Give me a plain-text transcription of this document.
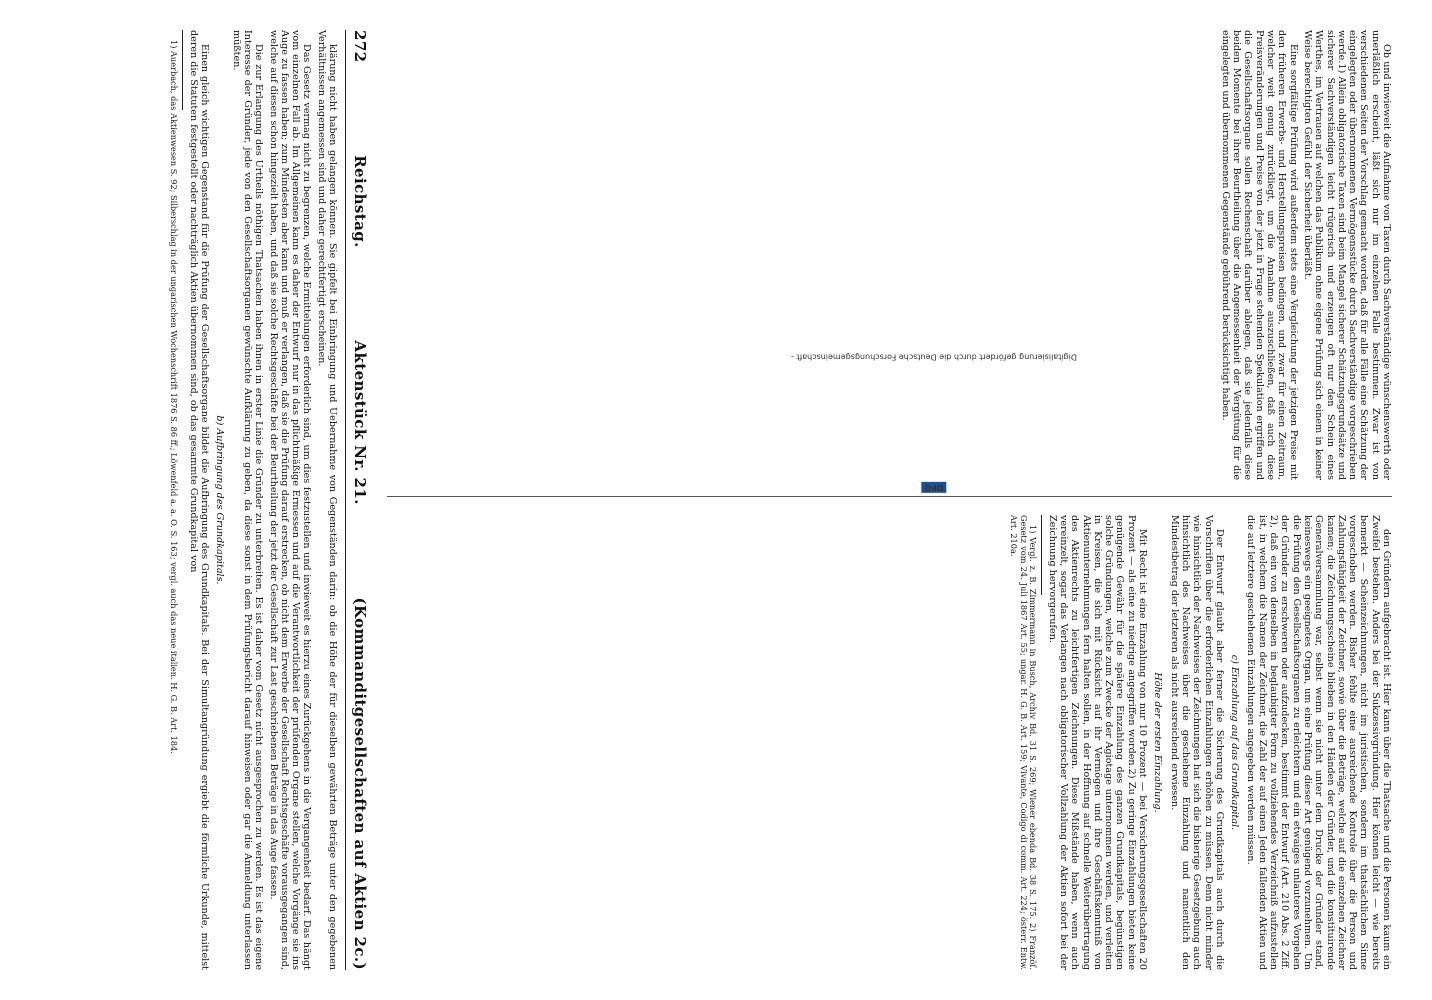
Ob und inwieweit die Aufnahme von Taxen durch Sachverständige wünschenswerth oder unerläßlich erscheint, läßt sich nur im einzelnen Falle bestimmen. Zwar ist von verschiedenen Seiten der Vorschlag gemacht worden, daß für alle Fälle eine Schätzung der eingelegten oder übernommenen Vermögensstücke durch Sachverständige vorgeschrieben werde.1) Allein obligatorische Taxen sind beim Mangel sicherer Schätzungsgrundsätze und sicherer Sachverständigen leicht trügerisch und erzeugen oft nur den Schein eines Werthes, im Vertrauen auf welchen das Publikum ohne eigene Prüfung sich einem in keiner Weise berechtigten Gefühl der Sicherheit überläßt.

Eine sorgfältige Prüfung wird außerdem stets eine Vergleichung der jetzigen Preise mit den früheren Erwerbs- und Herstellungspreisen bedingen, und zwar für einen Zeitraum, welcher weit genug zurückliegt, um die Annahme auszuschließen, daß auch diese Preisveränderungen und Preise von der jetzt in Frage stehenden Spekulation ergriffen und die Gesellschaftsorgane sollen Rechenschaft darüber ablegen, daß sie jedenfalls diese beiden Momente bei ihrer Beurtheilung über die Angemessenheit der Vergütung für die eingelegten und übernommenen Gegenstände gebührend berücksichtigt haben.

den Gründern aufgebracht ist. Hier kann über die Thatsache und die Personen kaum ein Zweifel bestehen. Anders bei der Sukzessivgründung. Hier können leicht — wie bereits bemerkt — Scheinzeichnungen, nicht im juristischen, sondern im thatsächlichen Sinne vorgeschoben werden. Bisher fehlte eine ausreichende Kontrole über die Person und Zahlungsfähigkeit der Zeichner, sowie über die Beträge, welche auf die einzelnen Zeichner kamen; die Zeichnungsscheine blieben in den Händen der Gründer, und die konstituirende Generalversammlung war, selbst wenn sie nicht unter dem Drucke der Gründer stand, keineswegs ein geeignetes Organ, um eine Prüfung dieser Art genügend vorzunehmen. Um die Prüfung den Gesellschaftsorganen zu erleichtern und ein etwaiges unlauteres Vorgehen der Gründer zu erschweren oder aufzudecken, bestimmt der Entwurf (Art. 210 Abs. 2 Ziff. 2), daß ein von denselben in beglaubigter Form zu vollziehendes Verzeichniß aufzustellen ist, in welchem die Namen der Zeichner, die Zahl der auf einen Jeden fallenden Aktien und die auf letztere geschehenen Einzahlungen angegeben werden müssen.

c) Einzahlung auf das Grundkapital.

Der Entwurf glaubt aber ferner die Sicherung des Grundkapitals auch durch die Vorschriften über die erforderlichen Einzahlungen erhöhen zu müssen. Denn nicht minder wie hinsichtlich der Nachweises der Zeichnungen hat sich die bisherige Gesetzgebung auch hinsichtlich des Nachweises über die geschehene Einzahlung und namentlich den Mindestbetrag der letzteren als nicht ausreichend erwiesen.

Höhe der ersten Einzahlung.

Mit Recht ist eine Einzahlung von nur 10 Prozent — bei Versicherungsgesellschaften 20 Prozent — als eine zu niedrige angegriffen worden.2) Zu geringe Einzahlungen bieten keine genügende Gewähr für die spätere Einzahlung des ganzen Grundkapitals, begünstigen solche Gründungen, welche zum Zwecke der Agiotage unternommen werden, und verleiten in Kreisen, die sich mit Rücksicht auf ihr Vermögen und ihre Geschäftskenntniß von Aktienunternehmungen fern halten sollen, in der Hoffnung auf schnelle Weiterübertragung des Aktienrechts zu leichtfertigen Zeichnungen. Diese Mißstände haben, wenn auch vereinzelt, sogar das Verlangen nach obligatorischer Vollzahlung der Aktien sofort bei der Zeichnung hervorgerufen.

1) Vergl. z. B. Zimmermann in Busch, Archiv Bd. 31 S. 269; Wiener ebenda Bd. 38 S. 175. 2) Franzöſ. Gesetz vom 24. Juli 1867 Art. 55; ungar. H. G. B. Art. 159; Vivante, Codigo di comm. Art. 224; österr. Entw. Art. 210a.

272
Reichstag.
Aktenstück Nr. 21.
(Kommanditgesellschaften auf Aktien 2c.)

klärung nicht haben gelangen können. Sie gipfelt bei Einbringung und Uebernahme von Gegenständen darin: ob die Höhe der für dieselben gewährten Beträge unter den gegebenen Verhältnissen angemessen sind und daher gerechtfertigt erscheinen.

Das Gesetz vermag nicht zu begrenzen, welche Ermittelungen erforderlich sind, um dies festzustellen und inwieweit es hierzu eines Zurückgehens in die Vergangenheit bedarf. Das hängt vom einzelnen Fall ab. Im Allgemeinen kann es daher der Entwurf nur in das pflichtmäßige Ermessen und auf die Verantwortlichkeit der prüfenden Organe stellen, welche Vorgänge sie ins Auge zu fassen haben; zum Mindesten aber kann und muß er verlangen, daß sie die Prüfung darauf erstrecken, ob nicht dem Erwerbe der Gesellschaft Rechtsgeschäfte vorausgegangen sind, welche auf diesen schon hingezielt haben, und daß sie solche Rechtsgeschäfte bei der Beurtheilung der jetzt der Gesellschaft zur Last geschriebenen Beträge in das Auge fassen.

Die zur Erlangung des Urtheils nöthigen Thatsachen haben ihnen in erster Linie die Gründer zu unterbreiten. Es ist daher vom Gesetz nicht ausgesprochen zu werden. Es ist das eigene Interesse der Gründer, jede von den Gesellschaftsorganen gewünschte Aufklärung zu geben, da diese sonst in dem Prüfungsbericht darauf hinweisen oder gar die Anmeldung unterlassen müßten.

b) Aufbringung des Grundkapitals.

Einen gleich wichtigen Gegenstand für die Prüfung der Gesellschaftsorgane bildet die Aufbringung des Grundkapitals. Bei der Simultangründung ergiebt die förmliche Urkunde, mittelst deren die Statuten festgestellt oder nachträglich Aktien übernommen sind, ob das gesammte Grundkapital von

1) Auerbach, das Aktienwesen S. 92; Silberschlag in der ungarischen Wochenschrift 1876 S. 86 ff.; Löwenfeld a. a. O. S. 163; vergl. auch das neue italien. H. G. B. Art. 184.	Digitalisierung gefördert durch die Deutsche Forschungsgemeinschaft -
DFG
